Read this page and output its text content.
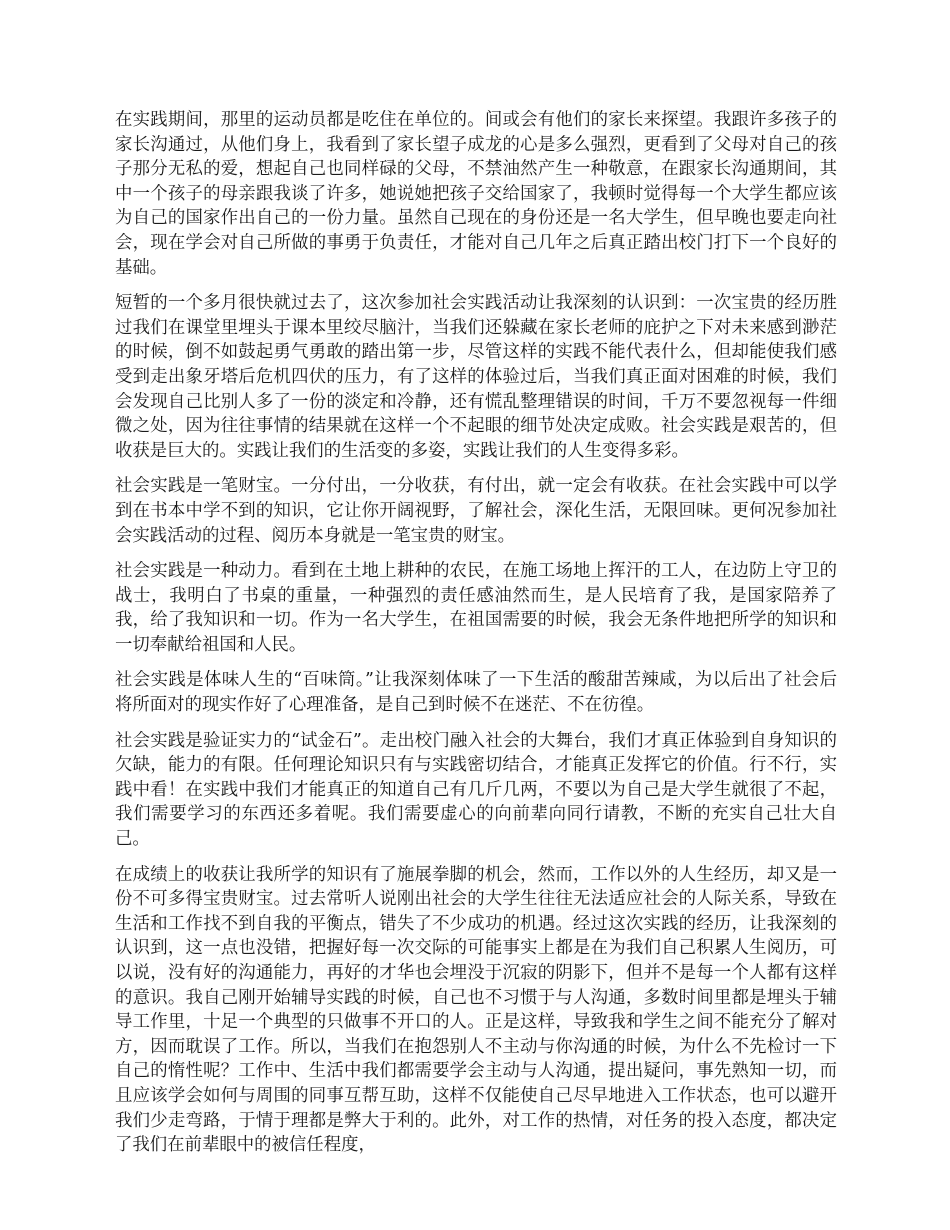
在实践期间，那里的运动员都是吃住在单位的。间或会有他们的家长来探望。我跟许多孩子的家长沟通过，从他们身上，我看到了家长望子成龙的心是多么强烈，更看到了父母对自己的孩子那分无私的爱，想起自己也同样碌的父母，不禁油然产生一种敬意，在跟家长沟通期间，其中一个孩子的母亲跟我谈了许多，她说她把孩子交给国家了，我顿时觉得每一个大学生都应该为自己的国家作出自己的一份力量。虽然自己现在的身份还是一名大学生，但早晚也要走向社会，现在学会对自己所做的事勇于负责任，才能对自己几年之后真正踏出校门打下一个良好的基础。

短暂的一个多月很快就过去了，这次参加社会实践活动让我深刻的认识到：一次宝贵的经历胜过我们在课堂里埋头于课本里绞尽脑汁，当我们还躲藏在家长老师的庇护之下对未来感到渺茫的时候，倒不如鼓起勇气勇敢的踏出第一步，尽管这样的实践不能代表什么，但却能使我们感受到走出象牙塔后危机四伏的压力，有了这样的体验过后，当我们真正面对困难的时候，我们会发现自己比别人多了一份的淡定和冷静，还有慌乱整理错误的时间，千万不要忽视每一件细微之处，因为往往事情的结果就在这样一个不起眼的细节处决定成败。社会实践是艰苦的，但收获是巨大的。实践让我们的生活变的多姿，实践让我们的人生变得多彩。

社会实践是一笔财宝。一分付出，一分收获，有付出，就一定会有收获。在社会实践中可以学到在书本中学不到的知识，它让你开阔视野，了解社会，深化生活，无限回味。更何况参加社会实践活动的过程、阅历本身就是一笔宝贵的财宝。

社会实践是一种动力。看到在土地上耕种的农民，在施工场地上挥汗的工人，在边防上守卫的战士，我明白了书桌的重量，一种强烈的责任感油然而生，是人民培育了我，是国家陪养了我，给了我知识和一切。作为一名大学生，在祖国需要的时候，我会无条件地把所学的知识和一切奉献给祖国和人民。

社会实践是体味人生的“百味筒。”让我深刻体味了一下生活的酸甜苦辣咸，为以后出了社会后将所面对的现实作好了心理准备，是自己到时候不在迷茫、不在彷徨。

社会实践是验证实力的“试金石”。走出校门融入社会的大舞台，我们才真正体验到自身知识的欠缺，能力的有限。任何理论知识只有与实践密切结合，才能真正发挥它的价值。行不行，实践中看！在实践中我们才能真正的知道自己有几斤几两，不要以为自己是大学生就很了不起，我们需要学习的东西还多着呢。我们需要虚心的向前辈向同行请教，不断的充实自己壮大自己。

在成绩上的收获让我所学的知识有了施展拳脚的机会，然而，工作以外的人生经历，却又是一份不可多得宝贵财宝。过去常听人说刚出社会的大学生往往无法适应社会的人际关系，导致在生活和工作找不到自我的平衡点，错失了不少成功的机遇。经过这次实践的经历，让我深刻的认识到，这一点也没错，把握好每一次交际的可能事实上都是在为我们自己积累人生阅历，可以说，没有好的沟通能力，再好的才华也会埋没于沉寂的阴影下，但并不是每一个人都有这样的意识。我自己刚开始辅导实践的时候，自己也不习惯于与人沟通，多数时间里都是埋头于辅导工作里，十足一个典型的只做事不开口的人。正是这样，导致我和学生之间不能充分了解对方，因而耽误了工作。所以，当我们在抱怨别人不主动与你沟通的时候，为什么不先检讨一下自己的惰性呢？工作中、生活中我们都需要学会主动与人沟通，提出疑问，事先熟知一切，而且应该学会如何与周围的同事互帮互助，这样不仅能使自己尽早地进入工作状态，也可以避开我们少走弯路，于情于理都是弊大于利的。此外，对工作的热情，对任务的投入态度，都决定了我们在前辈眼中的被信任程度，
